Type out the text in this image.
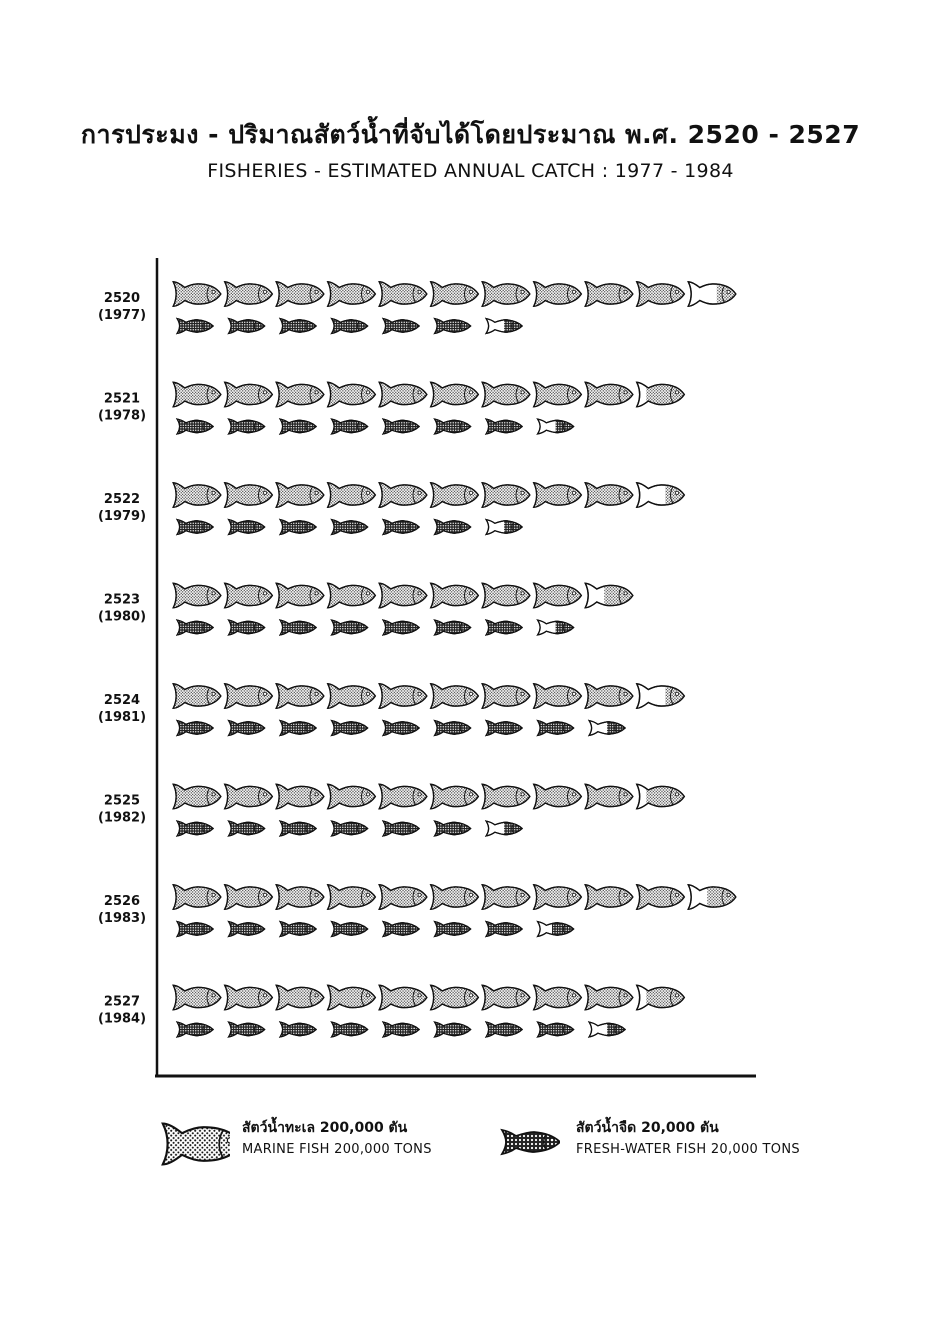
การประมง - ปริมาณสัตว์น้ำที่จับได้โดยประมาณ พ.ศ. 2520 - 2527
FISHERIES - ESTIMATED ANNUAL CATCH : 1977 - 1984
2520
(1977)
2521
(1978)
2522
(1979)
2523
(1980)
2524
(1981)
2525
(1982)
2526
(1983)
2527
(1984)
สัตว์น้ำทะเล 200,000 ตัน
MARINE FISH 200,000 TONS
สัตว์น้ำจืด 20,000 ตัน
FRESH-WATER FISH 20,000 TONS
